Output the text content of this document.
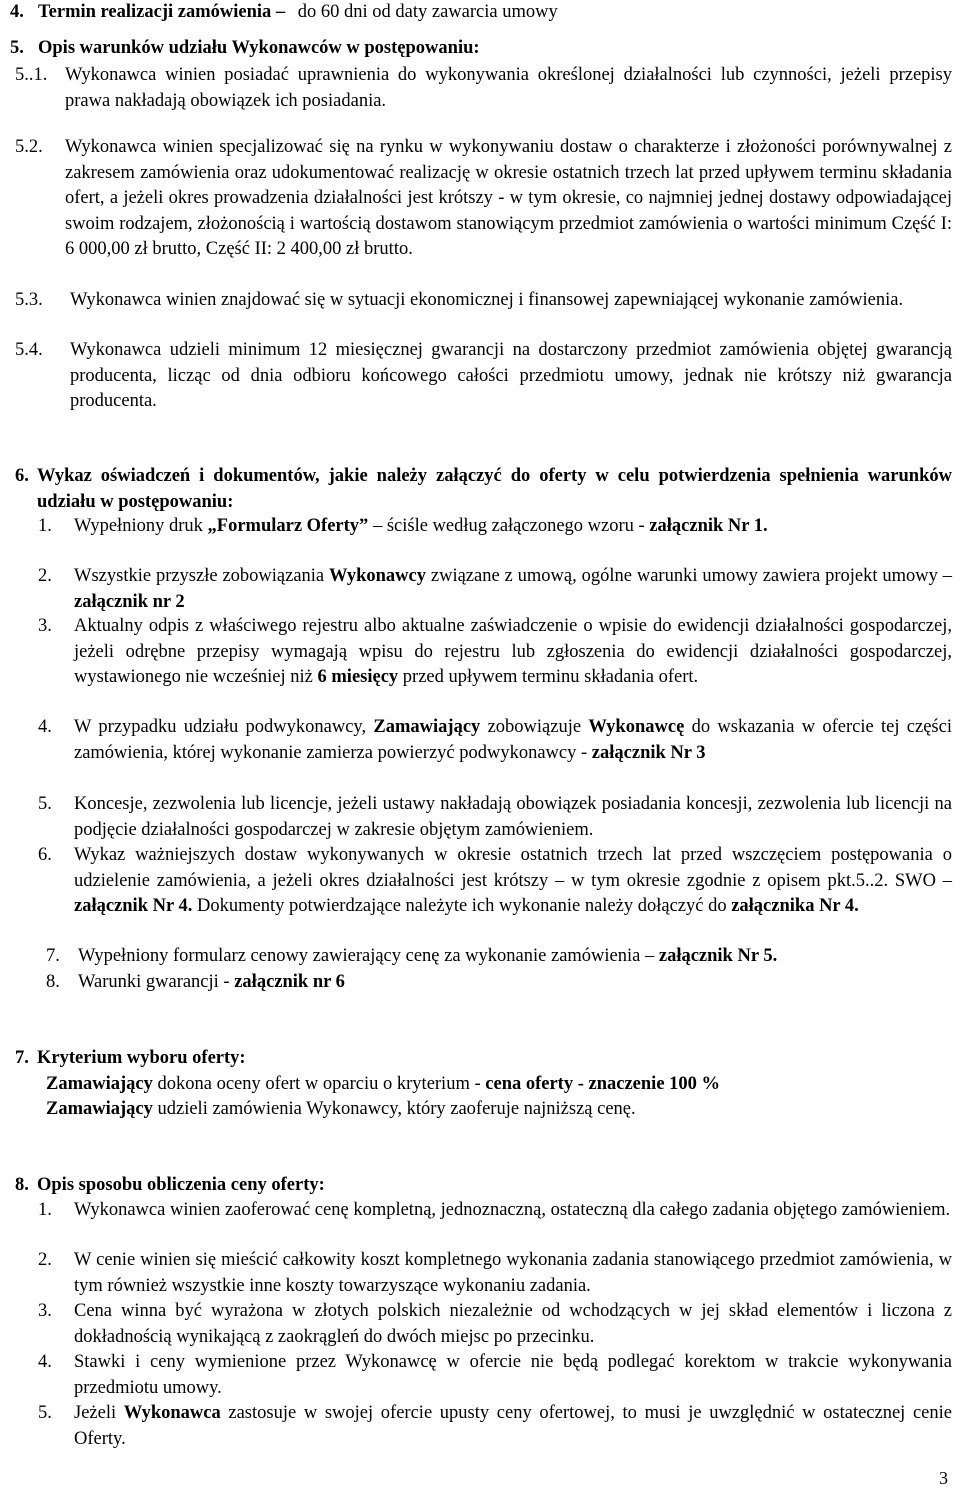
4. Termin realizacji zamówienia –
do 60 dni od daty zawarcia umowy

5. Opis warunków udziału Wykonawców w postępowaniu:

5..1. Wykonawca winien posiadać uprawnienia do wykonywania określonej działalności lub czynności, jeżeli przepisy prawa nakładają obowiązek ich posiadania.

5.2.	Wykonawca winien specjalizować się na rynku w wykonywaniu dostaw o charakterze i złożoności porównywalnej z zakresem zamówienia oraz udokumentować realizację w okresie ostatnich trzech lat przed upływem terminu składania ofert, a jeżeli okres prowadzenia działalności jest krótszy - w tym okresie, co najmniej jednej dostawy odpowiadającej swoim rodzajem, złożonością i wartością dostawom stanowiącym przedmiot zamówienia o wartości minimum Część I: 6 000,00 zł brutto, Część II: 2 400,00 zł brutto.

5.3.	Wykonawca winien znajdować się w sytuacji ekonomicznej i finansowej zapewniającej wykonanie zamówienia.

5.4.	Wykonawca udzieli minimum 12 miesięcznej gwarancji na dostarczony przedmiot zamówienia objętej gwarancją producenta, licząc od dnia odbioru końcowego całości przedmiotu umowy, jednak nie krótszy niż gwarancja producenta.

6. Wykaz oświadczeń i dokumentów, jakie należy załączyć do oferty w celu potwierdzenia spełnienia warunków udziału w postępowaniu:

1.	Wypełniony druk „Formularz Oferty” – ściśle według załączonego wzoru - załącznik Nr 1.

2.	Wszystkie przyszłe zobowiązania Wykonawcy związane z umową, ogólne warunki umowy zawiera projekt umowy – załącznik nr 2

3.	Aktualny odpis z właściwego rejestru albo aktualne zaświadczenie o wpisie do ewidencji działalności gospodarczej, jeżeli odrębne przepisy wymagają wpisu do rejestru lub zgłoszenia do ewidencji działalności gospodarczej, wystawionego nie wcześniej niż 6 miesięcy przed upływem terminu składania ofert.

4.	W przypadku udziału podwykonawcy, Zamawiający zobowiązuje Wykonawcę do wskazania w ofercie tej części zamówienia, której wykonanie zamierza powierzyć podwykonawcy - załącznik Nr 3

5.	Koncesje, zezwolenia lub licencje, jeżeli ustawy nakładają obowiązek posiadania koncesji, zezwolenia lub licencji na podjęcie działalności gospodarczej w zakresie objętym zamówieniem.

6.	Wykaz ważniejszych dostaw wykonywanych w okresie ostatnich trzech lat przed wszczęciem postępowania o udzielenie zamówienia, a jeżeli okres działalności jest krótszy – w tym okresie zgodnie z opisem pkt.5..2. SWO – załącznik Nr 4. Dokumenty potwierdzające należyte ich wykonanie należy dołączyć do załącznika Nr 4.

7. Wypełniony formularz cenowy zawierający cenę za wykonanie zamówienia – załącznik Nr 5.

8. Warunki gwarancji - załącznik nr 6

7. Kryterium wyboru oferty:

Zamawiający dokona oceny ofert w oparciu o kryterium - cena oferty - znaczenie 100 %

Zamawiający udzieli zamówienia Wykonawcy, który zaoferuje najniższą cenę.

8. Opis sposobu obliczenia ceny oferty:

1.	Wykonawca winien zaoferować cenę kompletną, jednoznaczną, ostateczną dla całego zadania objętego zamówieniem.

2.	W cenie winien się mieścić całkowity koszt kompletnego wykonania zadania stanowiącego przedmiot zamówienia, w tym również wszystkie inne koszty towarzyszące wykonaniu zadania.

3.	Cena winna być wyrażona w złotych polskich niezależnie od wchodzących w jej skład elementów i liczona z dokładnością wynikającą z zaokrągleń do dwóch miejsc po przecinku.

4.	Stawki i ceny wymienione przez Wykonawcę w ofercie nie będą podlegać korektom w trakcie wykonywania przedmiotu umowy.

5.	Jeżeli Wykonawca zastosuje w swojej ofercie upusty ceny ofertowej, to musi je uwzględnić w ostatecznej cenie Oferty.

3
